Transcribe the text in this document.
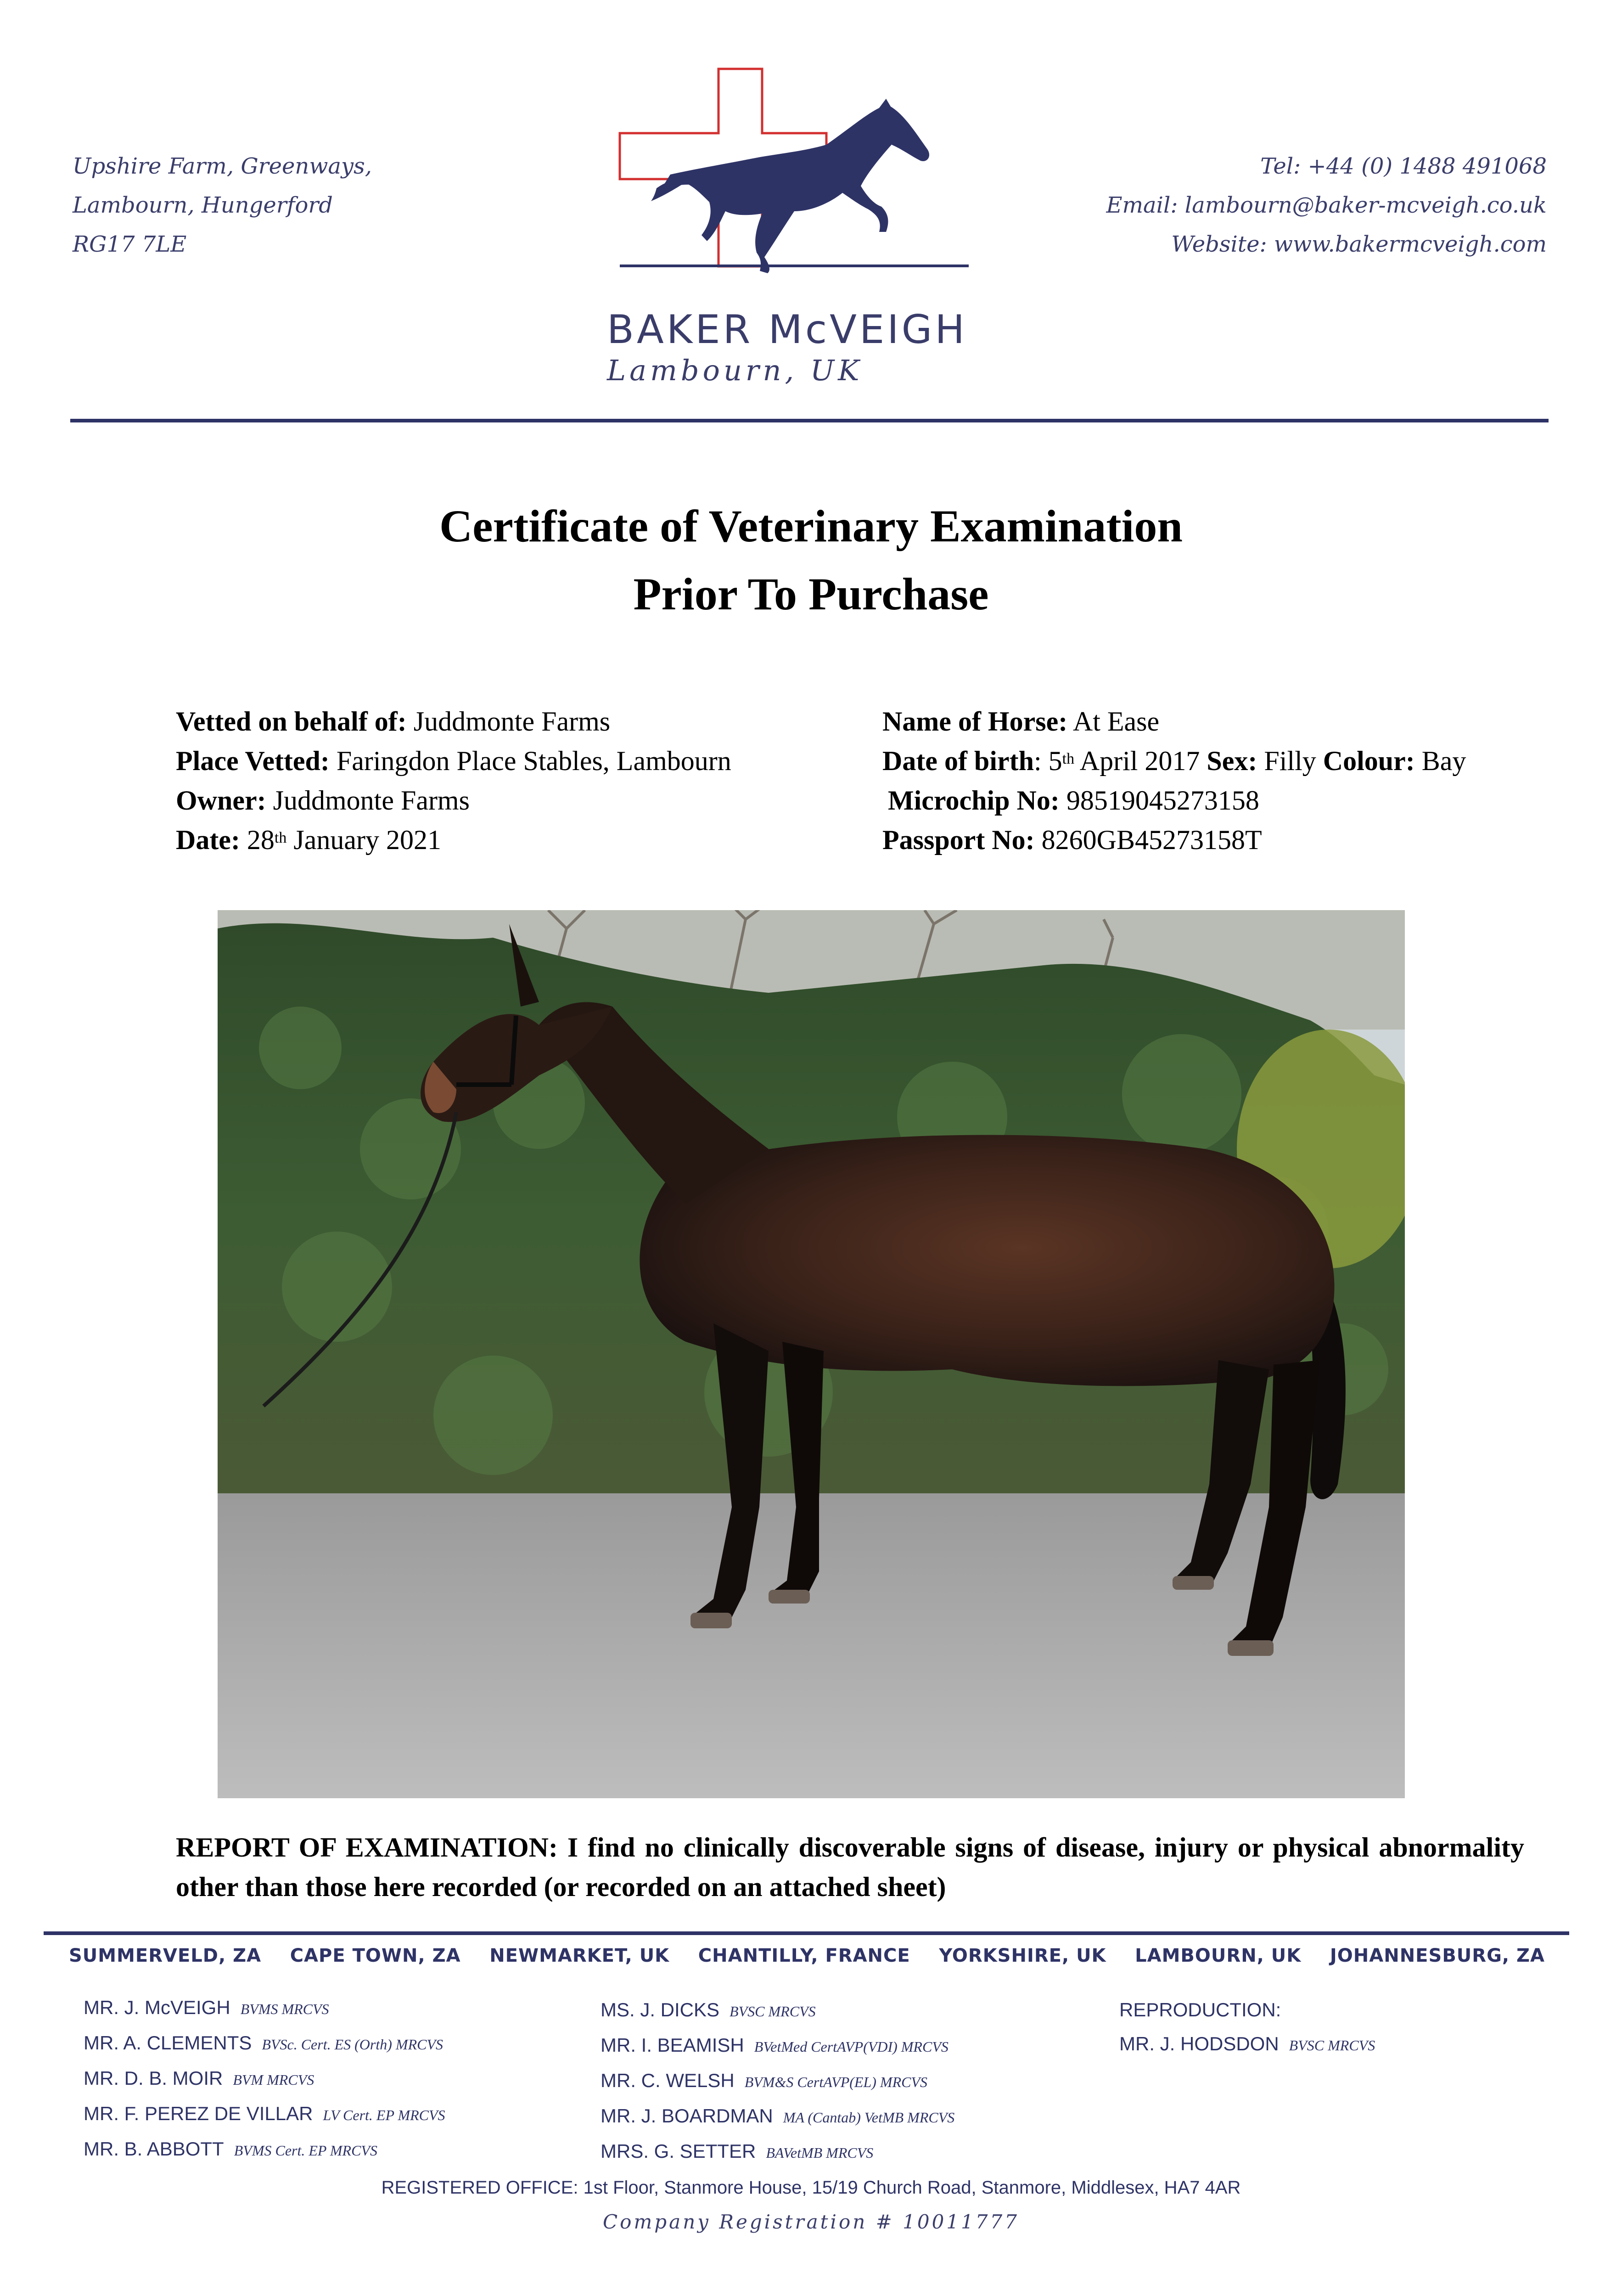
Upshire Farm, Greenways,
Lambourn, Hungerford
RG17 7LE
Tel: +44 (0) 1488 491068
Email: lambourn@baker-mcveigh.co.uk
Website: www.bakermcveigh.com
BAKER McVEIGH
Lambourn, UK
Certificate of Veterinary Examination
Prior To Purchase
Vetted on behalf of: Juddmonte Farms
Place Vetted: Faringdon Place Stables, Lambourn
Owner: Juddmonte Farms
Date: 28th January 2021
Name of Horse: At Ease
Date of birth: 5th April 2017 Sex: Filly Colour: Bay
Microchip No: 98519045273158
Passport No: 8260GB45273158T
REPORT OF EXAMINATION: I find no clinically discoverable signs of disease, injury or physical abnormality other than those here recorded (or recorded on an attached sheet)
SUMMERVELD, ZA CAPE TOWN, ZA NEWMARKET, UK CHANTILLY, FRANCE YORKSHIRE, UK LAMBOURN, UK JOHANNESBURG, ZA
MR. J. McVEIGH BVMS MRCVS
MR. A. CLEMENTS BVSc. Cert. ES (Orth) MRCVS
MR. D. B. MOIR BVM MRCVS
MR. F. PEREZ DE VILLAR LV Cert. EP MRCVS
MR. B. ABBOTT BVMS Cert. EP MRCVS
MS. J. DICKS BVSC MRCVS
MR. I. BEAMISH BVetMed CertAVP(VDI) MRCVS
MR. C. WELSH BVM&S CertAVP(EL) MRCVS
MR. J. BOARDMAN MA (Cantab) VetMB MRCVS
MRS. G. SETTER BAVetMB MRCVS
REPRODUCTION:
MR. J. HODSDON BVSC MRCVS
REGISTERED OFFICE: 1st Floor, Stanmore House, 15/19 Church Road, Stanmore, Middlesex, HA7 4AR
Company Registration # 10011777
